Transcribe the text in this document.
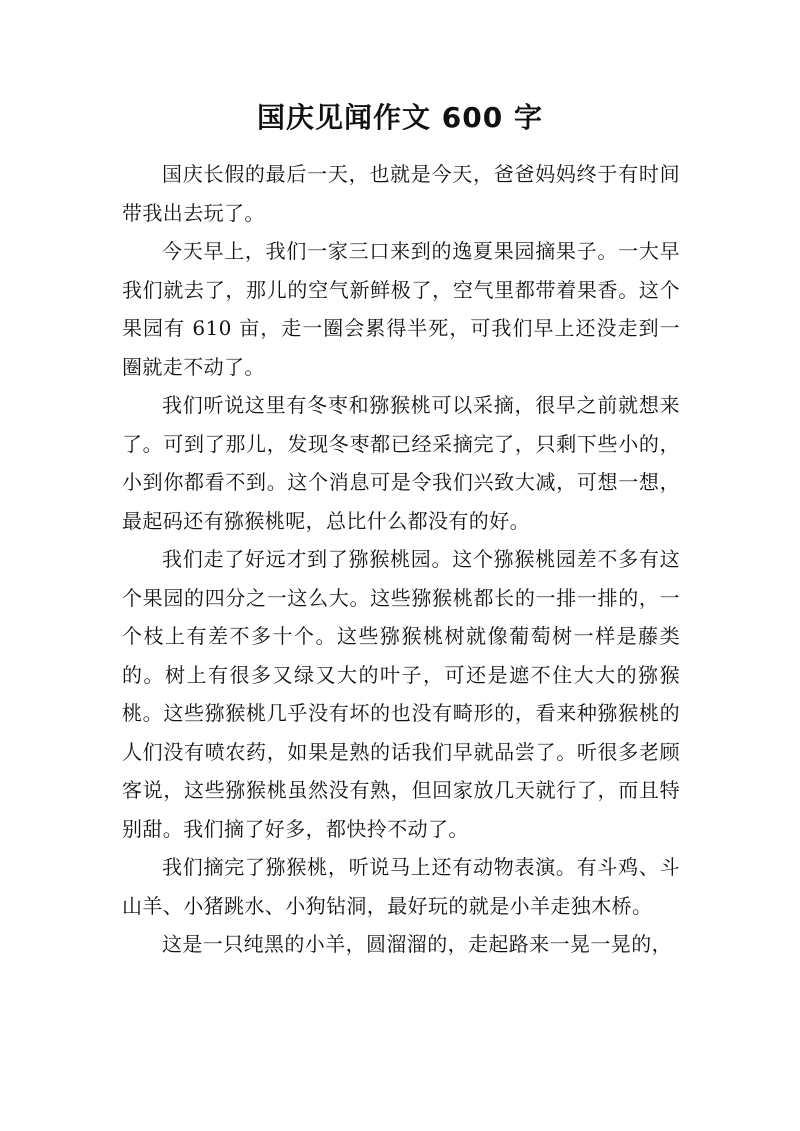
国庆见闻作文 600 字

国庆长假的最后一天，也就是今天，爸爸妈妈终于有时间带我出去玩了。

今天早上，我们一家三口来到的逸夏果园摘果子。一大早我们就去了，那儿的空气新鲜极了，空气里都带着果香。这个果园有 610 亩，走一圈会累得半死，可我们早上还没走到一圈就走不动了。

我们听说这里有冬枣和猕猴桃可以采摘，很早之前就想来了。可到了那儿，发现冬枣都已经采摘完了，只剩下些小的，小到你都看不到。这个消息可是令我们兴致大减，可想一想，最起码还有猕猴桃呢，总比什么都没有的好。

我们走了好远才到了猕猴桃园。这个猕猴桃园差不多有这个果园的四分之一这么大。这些猕猴桃都长的一排一排的，一个枝上有差不多十个。这些猕猴桃树就像葡萄树一样是藤类的。树上有很多又绿又大的叶子，可还是遮不住大大的猕猴桃。这些猕猴桃几乎没有坏的也没有畸形的，看来种猕猴桃的人们没有喷农药，如果是熟的话我们早就品尝了。听很多老顾客说，这些猕猴桃虽然没有熟，但回家放几天就行了，而且特别甜。我们摘了好多，都快拎不动了。

我们摘完了猕猴桃，听说马上还有动物表演。有斗鸡、斗山羊、小猪跳水、小狗钻洞，最好玩的就是小羊走独木桥。

这是一只纯黑的小羊，圆溜溜的，走起路来一晃一晃的，
